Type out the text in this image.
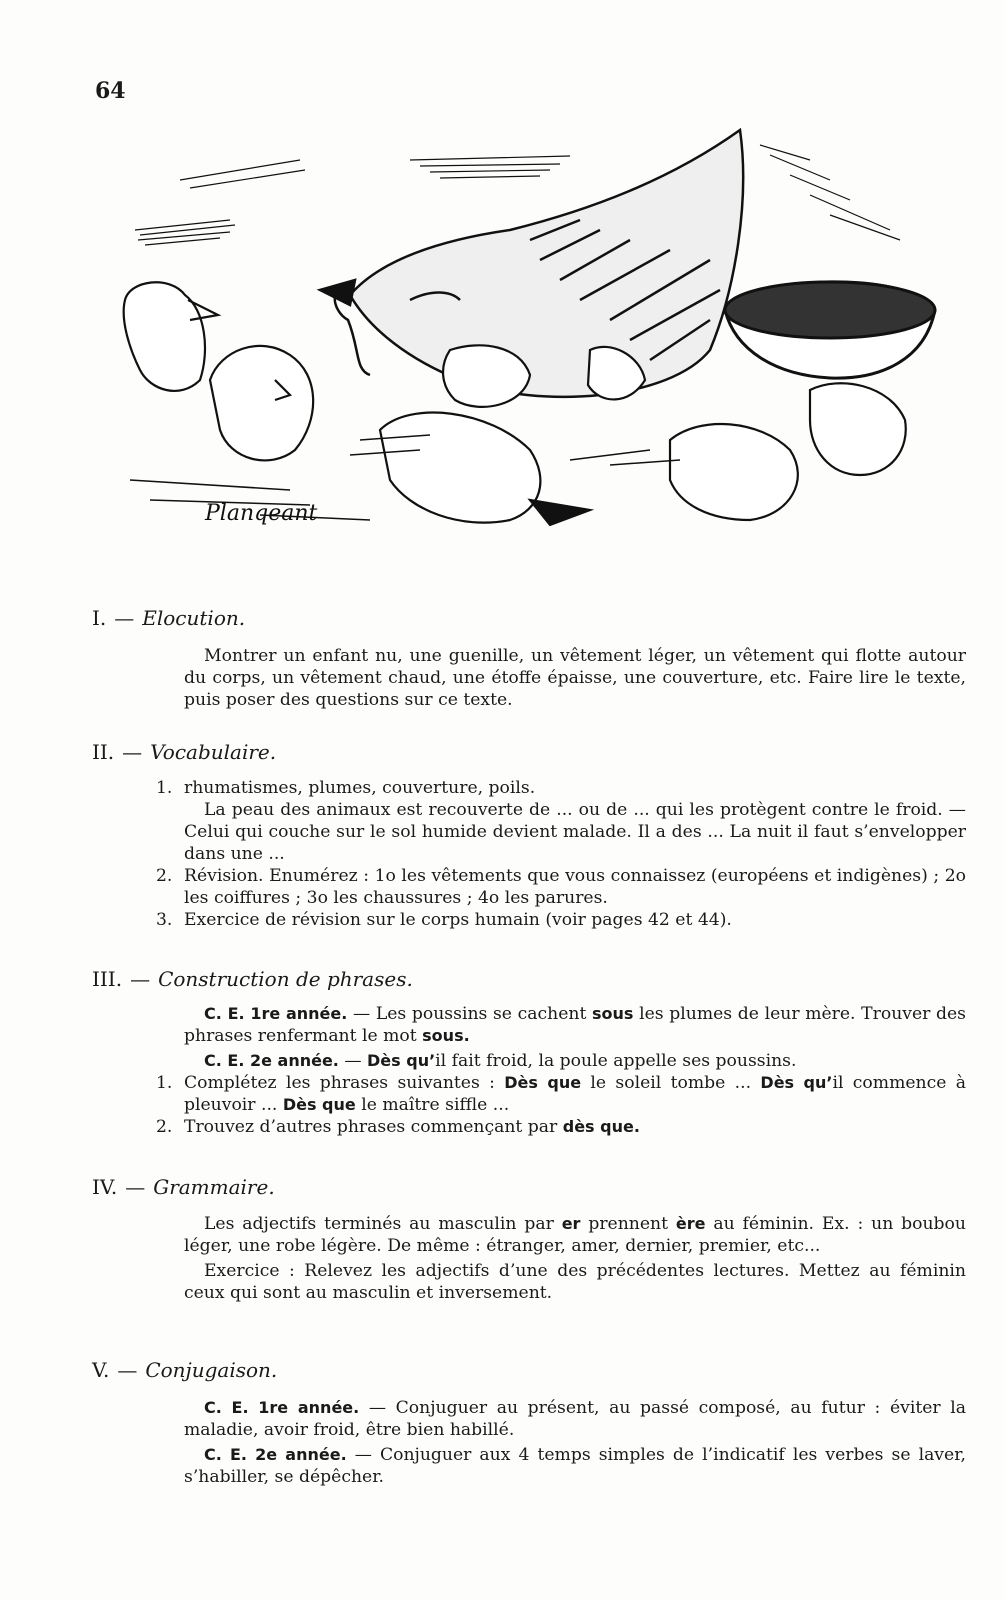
64
Planqeant
I. — Elocution.

Montrer un enfant nu, une guenille, un vêtement léger, un vêtement qui flotte autour du corps, un vêtement chaud, une étoffe épaisse, une couverture, etc. Faire lire le texte, puis poser des questions sur ce texte.

II. — Vocabulaire.
1. rhumatismes, plumes, couverture, poils.

La peau des animaux est recouverte de ... ou de ... qui les protègent contre le froid. — Celui qui couche sur le sol humide devient malade. Il a des ... La nuit il faut s’envelopper dans une ...

2. Révision. Enumérez : 1o les vêtements que vous connaissez (européens et indigènes) ; 2o les coiffures ; 3o les chaussures ; 4o les parures.

3. Exercice de révision sur le corps humain (voir pages 42 et 44).

III. — Construction de phrases.

C. E. 1re année. — Les poussins se cachent sous les plumes de leur mère. Trouver des phrases renfermant le mot sous.

C. E. 2e année. — Dès qu’il fait froid, la poule appelle ses poussins.

1. Complétez les phrases suivantes : Dès que le soleil tombe ... Dès qu’il commence à pleuvoir ... Dès que le maître siffle ...

2. Trouvez d’autres phrases commençant par dès que.

IV. — Grammaire.

Les adjectifs terminés au masculin par er prennent ère au féminin. Ex. : un boubou léger, une robe légère. De même : étranger, amer, dernier, premier, etc...

Exercice : Relevez les adjectifs d’une des précédentes lectures. Mettez au féminin ceux qui sont au masculin et inversement.

V. — Conjugaison.

C. E. 1re année. — Conjuguer au présent, au passé composé, au futur : éviter la maladie, avoir froid, être bien habillé.

C. E. 2e année. — Conjuguer aux 4 temps simples de l’indicatif les verbes se laver, s’habiller, se dépêcher.
